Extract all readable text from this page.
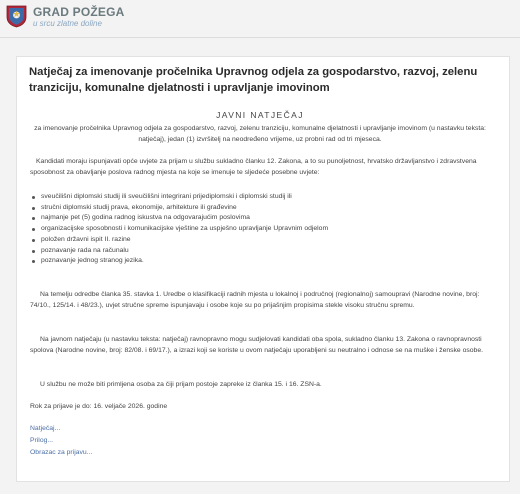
GRAD POŽEGA
u srcu zlatne doline
Natječaj za imenovanje pročelnika Upravnog odjela za gospodarstvo, razvoj, zelenu tranziciju, komunalne djelatnosti i upravljanje imovinom
JAVNI NATJEČAJ

za imenovanje pročelnika Upravnog odjela za gospodarstvo, razvoj, zelenu tranziciju, komunalne djelatnosti i upravljanje imovinom (u nastavku teksta: natječaj), jedan (1) izvršitelj na neodređeno vrijeme, uz probni rad od tri mjeseca.

Kandidati moraju ispunjavati opće uvjete za prijam u službu sukladno članku 12. Zakona, a to su punoljetnost, hrvatsko državljanstvo i zdravstvena sposobnost za obavljanje poslova radnog mjesta na koje se imenuje te sljedeće posebne uvjete:

sveučilišni diplomski studij ili sveučilišni integrirani prijediplomski i diplomski studij ili
stručni diplomski studij prava, ekonomije, arhitekture ili građevine
najmanje pet (5) godina radnog iskustva na odgovarajućim poslovima
organizacijske sposobnosti i komunikacijske vještine za uspješno upravljanje Upravnim odjelom
položen državni ispit II. razine
poznavanje rada na računalu
poznavanje jednog stranog jezika.

Na temelju odredbe članka 35. stavka 1. Uredbe o klasifikaciji radnih mjesta u lokalnoj i područnoj (regionalnoj) samoupravi (Narodne novine, broj: 74/10., 125/14. i 48/23.), uvjet stručne spreme ispunjavaju i osobe koje su po prijašnjim propisima stekle visoku stručnu spremu.

Na javnom natječaju (u nastavku teksta: natječaj) ravnopravno mogu sudjelovati kandidati oba spola, sukladno članku 13. Zakona o ravnopravnosti spolova (Narodne novine, broj: 82/08. i 69/17.), a izrazi koji se koriste u ovom natječaju uporabljeni su neutralno i odnose se na muške i ženske osobe.

U službu ne može biti primljena osoba za čiji prijam postoje zapreke iz članka 15. i 16. ZSN-a.

Rok za prijave je do: 16. veljače 2026. godine

Natječaj...
Prilog...
Obrazac za prijavu...
